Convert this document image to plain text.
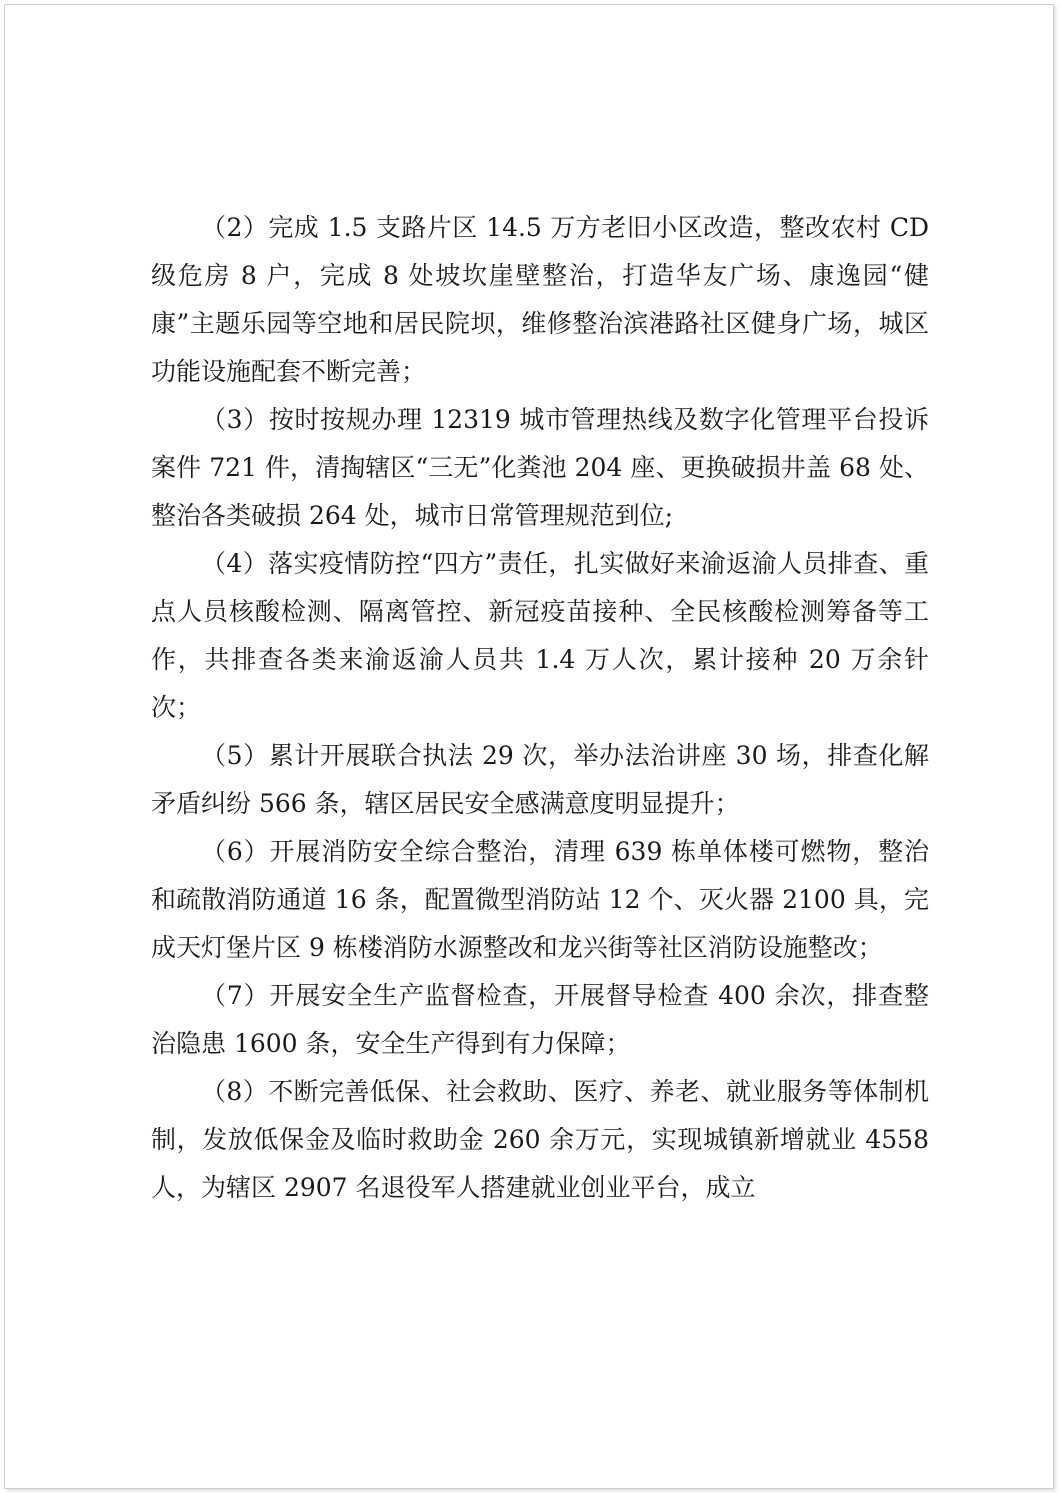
（2）完成 1.5 支路片区 14.5 万方老旧小区改造，整改农村 CD 级危房 8 户，完成 8 处坡坎崖壁整治，打造华友广场、康逸园“健康”主题乐园等空地和居民院坝，维修整治滨港路社区健身广场，城区功能设施配套不断完善；

（3）按时按规办理 12319 城市管理热线及数字化管理平台投诉案件 721 件，清掏辖区“三无”化粪池 204 座、更换破损井盖 68 处、整治各类破损 264 处，城市日常管理规范到位;

（4）落实疫情防控“四方”责任，扎实做好来渝返渝人员排查、重点人员核酸检测、隔离管控、新冠疫苗接种、全民核酸检测筹备等工作，共排查各类来渝返渝人员共 1.4 万人次，累计接种 20 万余针次；

（5）累计开展联合执法 29 次，举办法治讲座 30 场，排查化解矛盾纠纷 566 条，辖区居民安全感满意度明显提升；

（6）开展消防安全综合整治，清理 639 栋单体楼可燃物，整治和疏散消防通道 16 条，配置微型消防站 12 个、灭火器 2100 具，完成天灯堡片区 9 栋楼消防水源整改和龙兴街等社区消防设施整改；

（7）开展安全生产监督检查，开展督导检查 400 余次，排查整治隐患 1600 条，安全生产得到有力保障；

（8）不断完善低保、社会救助、医疗、养老、就业服务等体制机制，发放低保金及临时救助金 260 余万元，实现城镇新增就业 4558 人，为辖区 2907 名退役军人搭建就业创业平台，成立
